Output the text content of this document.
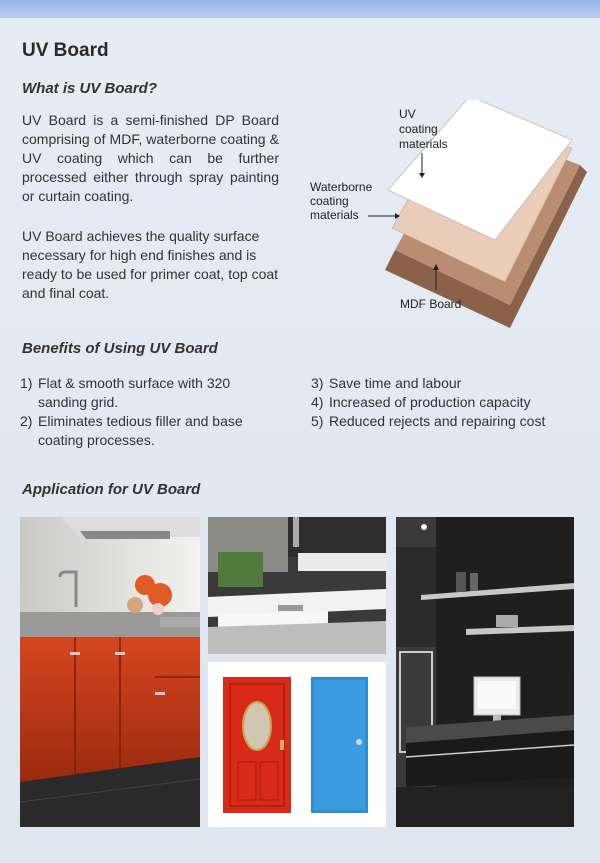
UV Board
What is UV Board?

UV Board is a semi-finished DP Board comprising of MDF, waterborne coating & UV coating which can be further processed either through spray painting or curtain coating.

UV Board achieves the quality surface necessary for high end finishes and is ready to be used for primer coat, top coat and final coat.

UV coating materials
Waterborne coating materials
MDF Board
Benefits of Using UV Board
1) Flat & smooth surface with 320 sanding grid.
2) Eliminates tedious filler and base coating processes.
3) Save time and labour
4) Increased of production capacity
5) Reduced rejects and repairing cost
Application for UV Board
